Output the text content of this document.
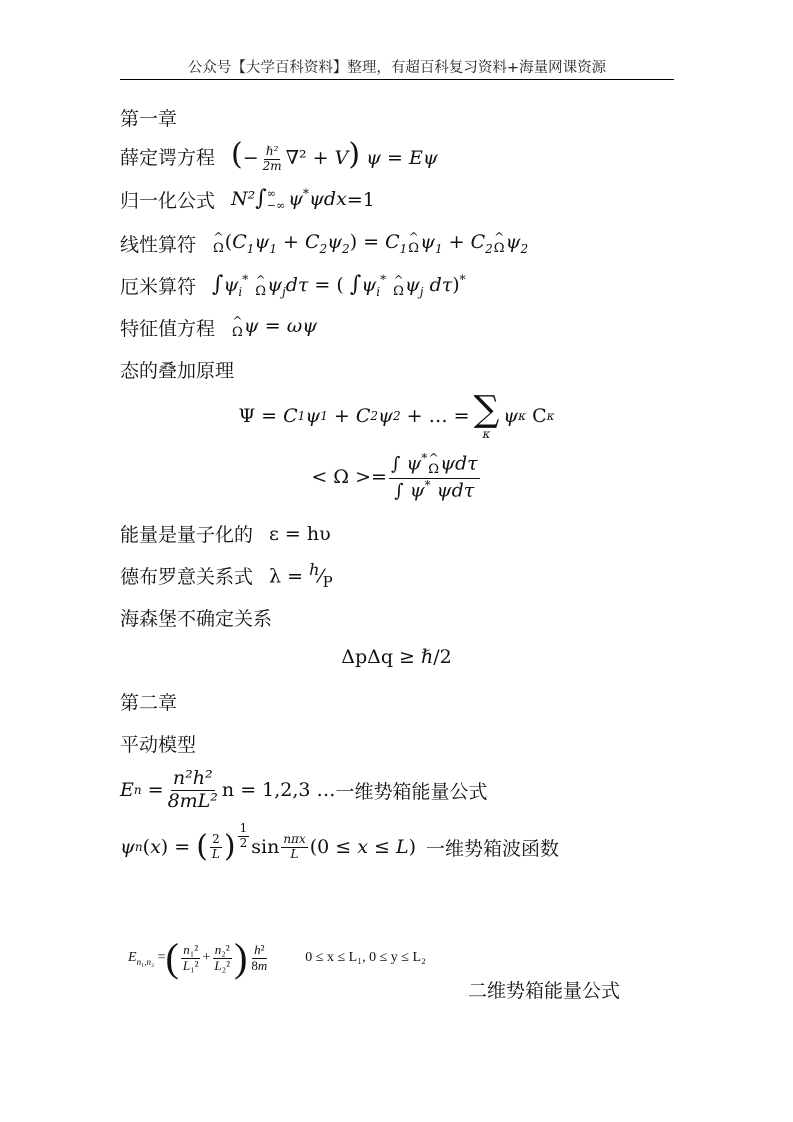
公众号【大学百科资料】整理，有超百科复习资料+海量网课资源
第一章
薛定谔方程 (− $\frac{\text{ℏ²}}{2m} \nabla^2 + V$) ψ = Eψ
归一化公式 N²∫ ∞
−∞ ψ*ψdx =1
线性算符 ^ $\Omega(C_1\psi_1 + C_2\psi_2)$ = $C_1\^{}$ $\Omega\psi_1$ + $C_2\^{}$ $\Omega\psi_2$
厄米算符 $\int\psi_i^*$ ^ $\Omega\psi_jd\tau$ = ( $\int\psi_i^*$ ^ $\Omega\psi_j$ dτ)*
特征值方程 ^ Ωψ = ωψ
态的叠加原理
Ψ = C 1 ψ 1
+ C 2 ψ 2
+ … = ∑
κ
ψ κ
C κ
< $\Omega >= \frac{\int \psi^*\^{} \Omega\psi d\tau}{\int \psi^* \psi d\tau}$
能量是量子化的 ε = hυ
德布罗意关系式 $\lambda = ^h⁄_P$
海森堡不确定关系
ΔpΔq ≥ ℏ/2
第二章
平动模型
E $n = \frac{\text{n²h²}}{\text{8mL²}}$ n = 1,2,3 … 一维势箱能量公式
ψ n ( x ) =
( $\frac{2}{L}$ ) $^{\frac{1}{2}}$ $\sin \frac{\text{nπx}}{L} (0 \le x \le L$ ) 一维势箱波函数
$E_{n_1,n_2}$ = ( $\frac{\text{n₁²}}{\text{L₁²}} + \frac{\text{n₂²}}{\text{L₂²}}$ ) $\frac{\text{h²}}{8m}$	0 ≤ x ≤ L₁, 0 ≤ y ≤ L₂
二维势箱能量公式
